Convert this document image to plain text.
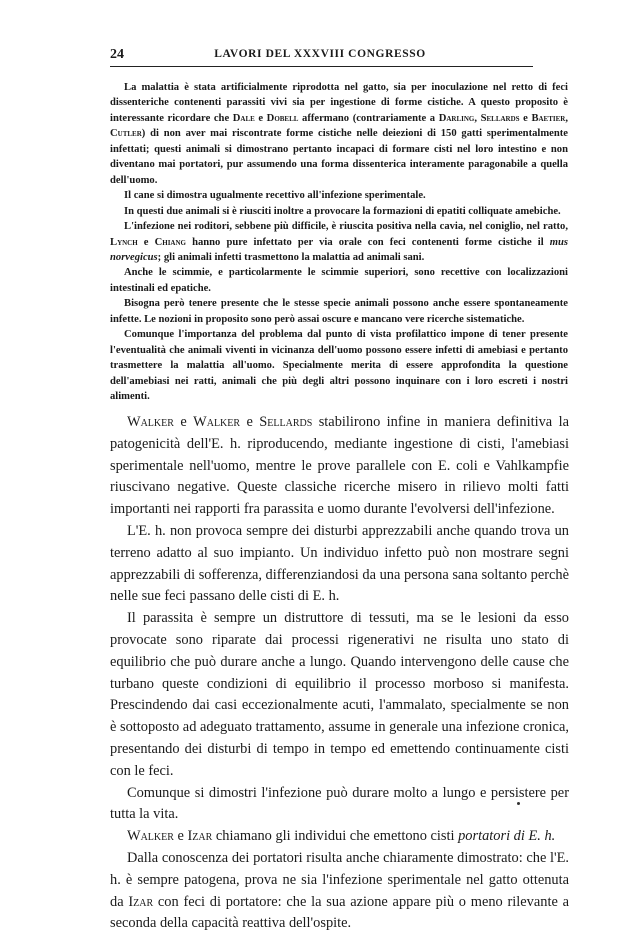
24	LAVORI DEL XXXVIII CONGRESSO

La malattia è stata artificialmente riprodotta nel gatto, sia per inoculazione nel retto di feci dissenteriche contenenti parassiti vivi sia per ingestione di forme cistiche. A questo proposito è interessante ricordare che Dale e Dobell affermano (contrariamente a Darling, Sellards e Baetier, Cutler) di non aver mai riscontrate forme cistiche nelle deiezioni di 150 gatti sperimentalmente infettati; questi animali si dimostrano pertanto incapaci di formare cisti nel loro intestino e non diventano mai portatori, pur assumendo una forma dissenterica interamente paragonabile a quella dell'uomo.

Il cane si dimostra ugualmente recettivo all'infezione sperimentale.

In questi due animali si è riusciti inoltre a provocare la formazioni di epatiti colliquate amebiche.

L'infezione nei roditori, sebbene più difficile, è riuscita positiva nella cavia, nel coniglio, nel ratto, Lynch e Chiang hanno pure infettato per via orale con feci contenenti forme cistiche il mus norvegicus; gli animali infetti trasmettono la malattia ad animali sani.

Anche le scimmie, e particolarmente le scimmie superiori, sono recettive con localizzazioni intestinali ed epatiche.

Bisogna però tenere presente che le stesse specie animali possono anche essere spontaneamente infette. Le nozioni in proposito sono però assai oscure e mancano vere ricerche sistematiche.

Comunque l'importanza del problema dal punto di vista profilattico impone di tener presente l'eventualità che animali viventi in vicinanza dell'uomo possono essere infetti di amebiasi e pertanto trasmettere la malattia all'uomo. Specialmente merita di essere approfondita la questione dell'amebiasi nei ratti, animali che più degli altri possono inquinare con i loro escreti i nostri alimenti.

Walker e Walker e Sellards stabilirono infine in maniera definitiva la patogenicità dell'E. h. riproducendo, mediante ingestione di cisti, l'amebiasi sperimentale nell'uomo, mentre le prove parallele con E. coli e Vahlkampfie riuscivano negative. Queste classiche ricerche misero in rilievo molti fatti importanti nei rapporti fra parassita e uomo durante l'evolversi dell'infezione.

L'E. h. non provoca sempre dei disturbi apprezzabili anche quando trova un terreno adatto al suo impianto. Un individuo infetto può non mostrare segni apprezzabili di sofferenza, differenziandosi da una persona sana soltanto perchè nelle sue feci passano delle cisti di E. h.

Il parassita è sempre un distruttore di tessuti, ma se le lesioni da esso provocate sono riparate dai processi rigenerativi ne risulta uno stato di equilibrio che può durare anche a lungo. Quando intervengono delle cause che turbano queste condizioni di equilibrio il processo morboso si manifesta. Prescindendo dai casi eccezionalmente acuti, l'ammalato, specialmente se non è sottoposto ad adeguato trattamento, assume in generale una infezione cronica, presentando dei disturbi di tempo in tempo ed emettendo continuamente cisti con le feci.

Comunque si dimostri l'infezione può durare molto a lungo e persistere per tutta la vita.

Walker e Izar chiamano gli individui che emettono cisti portatori di E. h.

Dalla conoscenza dei portatori risulta anche chiaramente dimostrato: che l'E. h. è sempre patogena, prova ne sia l'infezione sperimentale nel gatto ottenuta da Izar con feci di portatore: che la sua azione appare più o meno rilevante a seconda della capacità reattiva dell'ospite.
